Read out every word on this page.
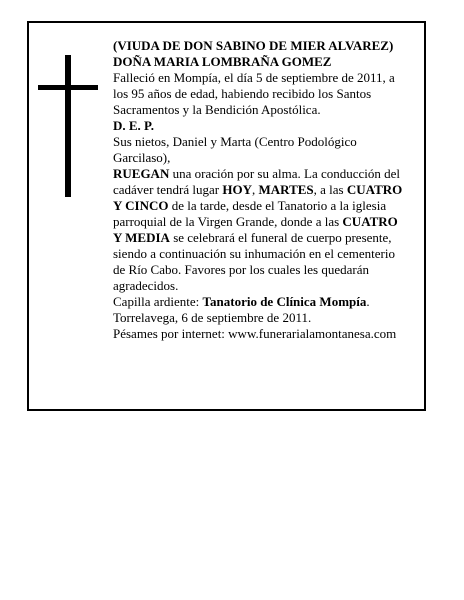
(VIUDA DE DON SABINO DE MIER ALVAREZ)
DOÑA MARIA LOMBRAÑA GOMEZ
Falleció en Mompía, el día 5 de septiembre de 2011, a
los 95 años de edad, habiendo recibido los Santos
Sacramentos y la Bendición Apostólica.
D. E. P.
Sus nietos, Daniel y Marta (Centro Podológico
Garcilaso),
RUEGAN una oración por su alma. La conducción del
cadáver tendrá lugar HOY, MARTES, a las CUATRO
Y CINCO de la tarde, desde el Tanatorio a la iglesia
parroquial de la Virgen Grande, donde a las CUATRO
Y MEDIA se celebrará el funeral de cuerpo presente,
siendo a continuación su inhumación en el cementerio
de Río Cabo. Favores por los cuales les quedarán
agradecidos.
Capilla ardiente: Tanatorio de Clínica Mompía.
Torrelavega, 6 de septiembre de 2011.
Pésames por internet: www.funerarialamontanesa.com
